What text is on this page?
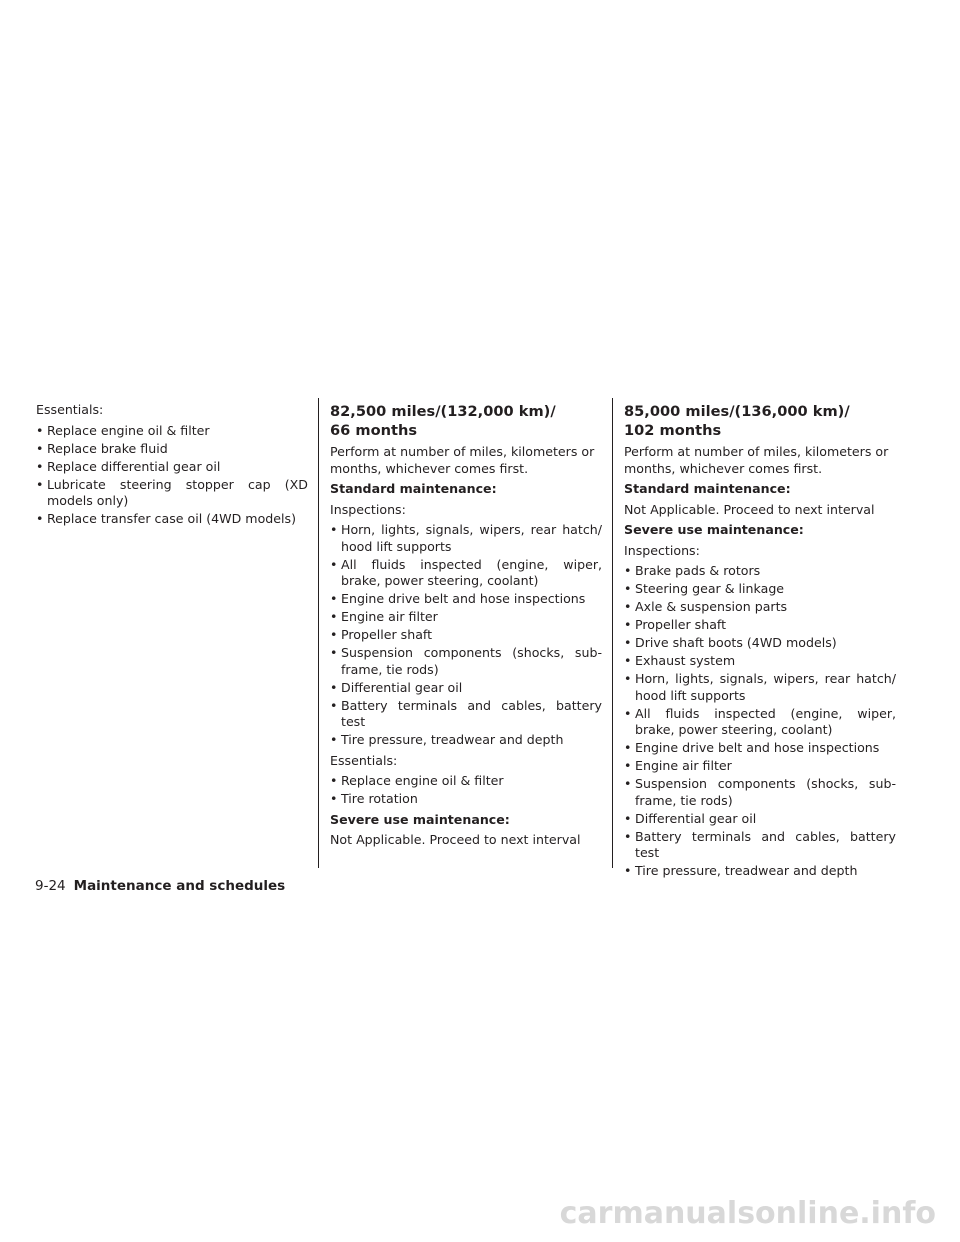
Essentials:

• Replace engine oil & filter
• Replace brake fluid
• Replace differential gear oil
• Lubricate steering stopper cap (XD models only)
• Replace transfer case oil (4WD models)
82,500 miles/(132,000 km)/
66 months

Perform at number of miles, kilometers or months, whichever comes first.

Standard maintenance:

Inspections:

• Horn, lights, signals, wipers, rear hatch/ hood lift supports
• All fluids inspected (engine, wiper, brake, power steering, coolant)
• Engine drive belt and hose inspections
• Engine air filter
• Propeller shaft
• Suspension components (shocks, sub-frame, tie rods)
• Differential gear oil
• Battery terminals and cables, battery test
• Tire pressure, treadwear and depth

Essentials:

• Replace engine oil & filter
• Tire rotation

Severe use maintenance:

Not Applicable. Proceed to next interval

85,000 miles/(136,000 km)/
102 months

Perform at number of miles, kilometers or months, whichever comes first.

Standard maintenance:

Not Applicable. Proceed to next interval

Severe use maintenance:

Inspections:

• Brake pads & rotors
• Steering gear & linkage
• Axle & suspension parts
• Propeller shaft
• Drive shaft boots (4WD models)
• Exhaust system
• Horn, lights, signals, wipers, rear hatch/ hood lift supports
• All fluids inspected (engine, wiper, brake, power steering, coolant)
• Engine drive belt and hose inspections
• Engine air filter
• Suspension components (shocks, sub-frame, tie rods)
• Differential gear oil
• Battery terminals and cables, battery test
• Tire pressure, treadwear and depth
9-24 Maintenance and schedules
carmanualsonline.info
